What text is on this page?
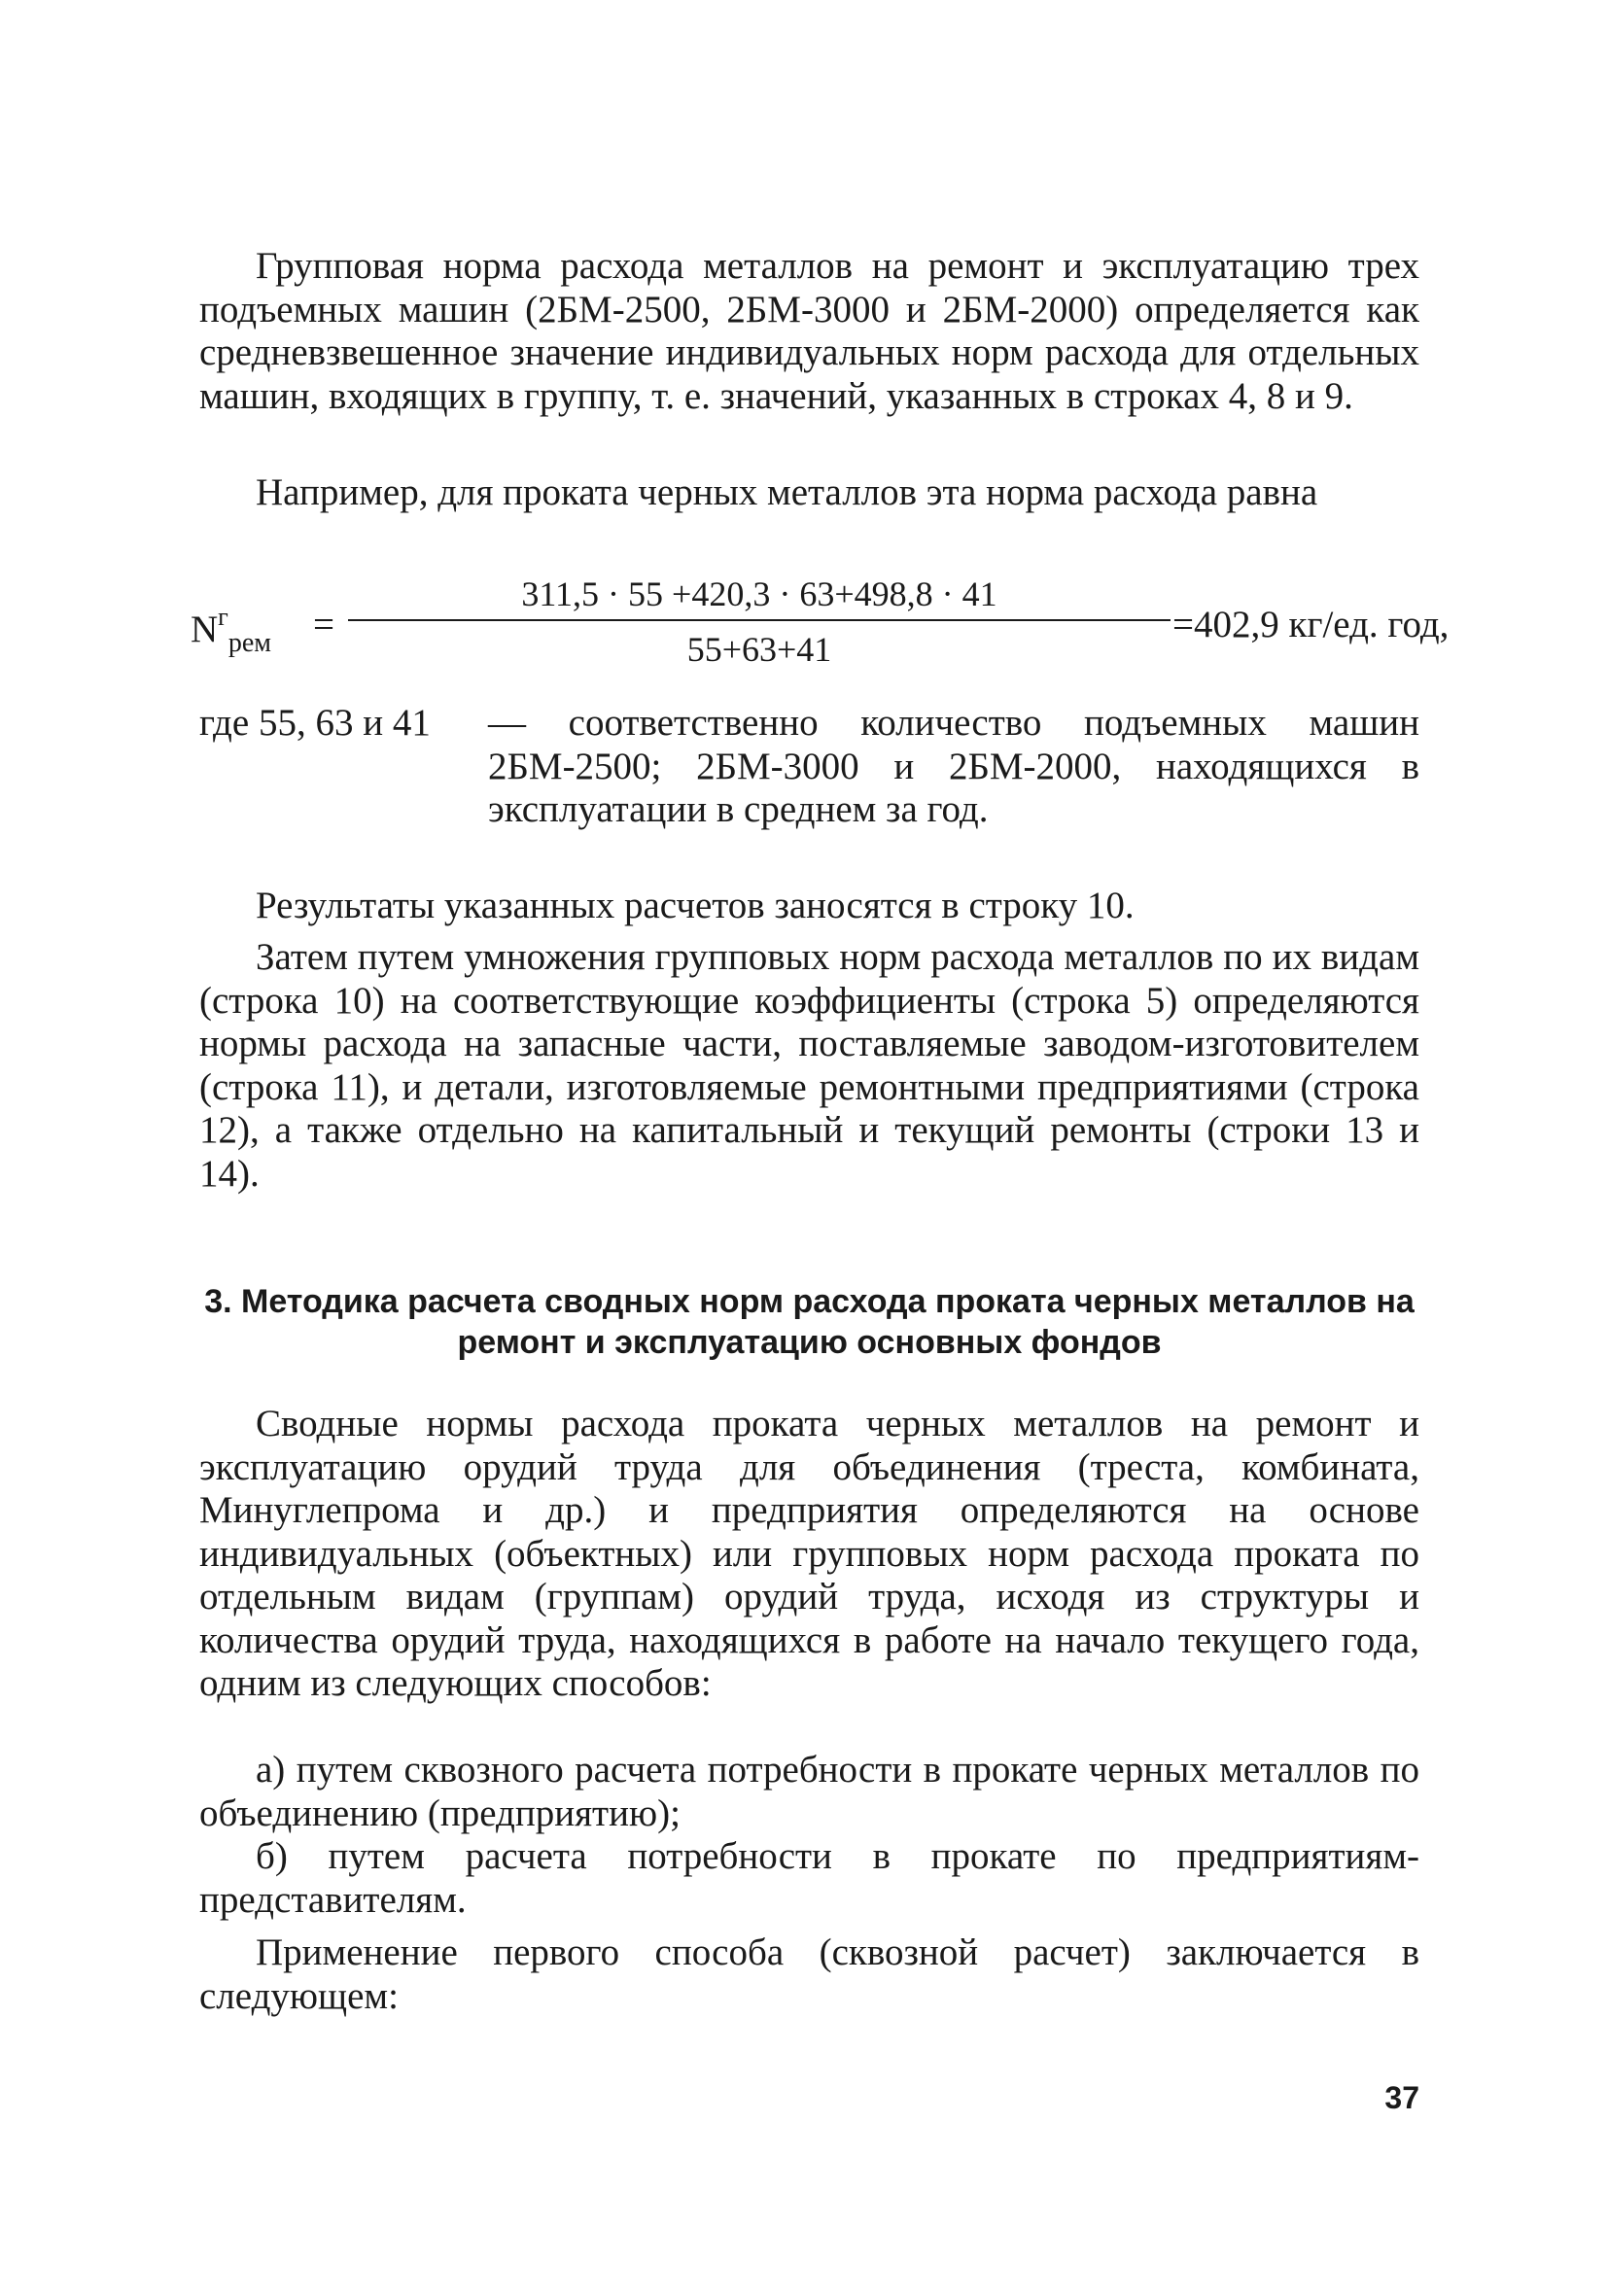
Групповая норма расхода металлов на ремонт и эксплуатацию трех подъемных машин (2БМ-2500, 2БМ-3000 и 2БМ-2000) определяется как средневзвешенное значение индивидуальных норм расхода для отдельных машин, входящих в группу, т. е. значений, указанных в строках 4, 8 и 9.

Например, для проката черных металлов эта норма расхода равна

$N^г_{рем}$ =
311,5 · 55 +420,3 · 63+498,8 · 41
55+63+41
=402,9 кг/ед. год,
где 55, 63 и 41 — соответственно количество подъемных машин 2БМ-2500; 2БМ-3000 и 2БМ-2000, находящихся в эксплуатации в среднем за год.

Результаты указанных расчетов заносятся в строку 10.

Затем путем умножения групповых норм расхода металлов по их видам (строка 10) на соответствующие коэффициенты (строка 5) определяются нормы расхода на запасные части, поставляемые заводом-изготовителем (строка 11), и детали, изготовляемые ремонтными предприятиями (строка 12), а также отдельно на капитальный и текущий ремонты (строки 13 и 14).

3. Методика расчета сводных норм расхода проката черных металлов на ремонт и эксплуатацию основных фондов

Сводные нормы расхода проката черных металлов на ремонт и эксплуатацию орудий труда для объединения (треста, комбината, Минуглепрома и др.) и предприятия определяются на основе индивидуальных (объектных) или групповых норм расхода проката по отдельным видам (группам) орудий труда, исходя из структуры и количества орудий труда, находящихся в работе на начало текущего года, одним из следующих способов:

а) путем сквозного расчета потребности в прокате черных металлов по объединению (предприятию);

б) путем расчета потребности в прокате по предприятиям-представителям.

Применение первого способа (сквозной расчет) заключается в следующем:

37
